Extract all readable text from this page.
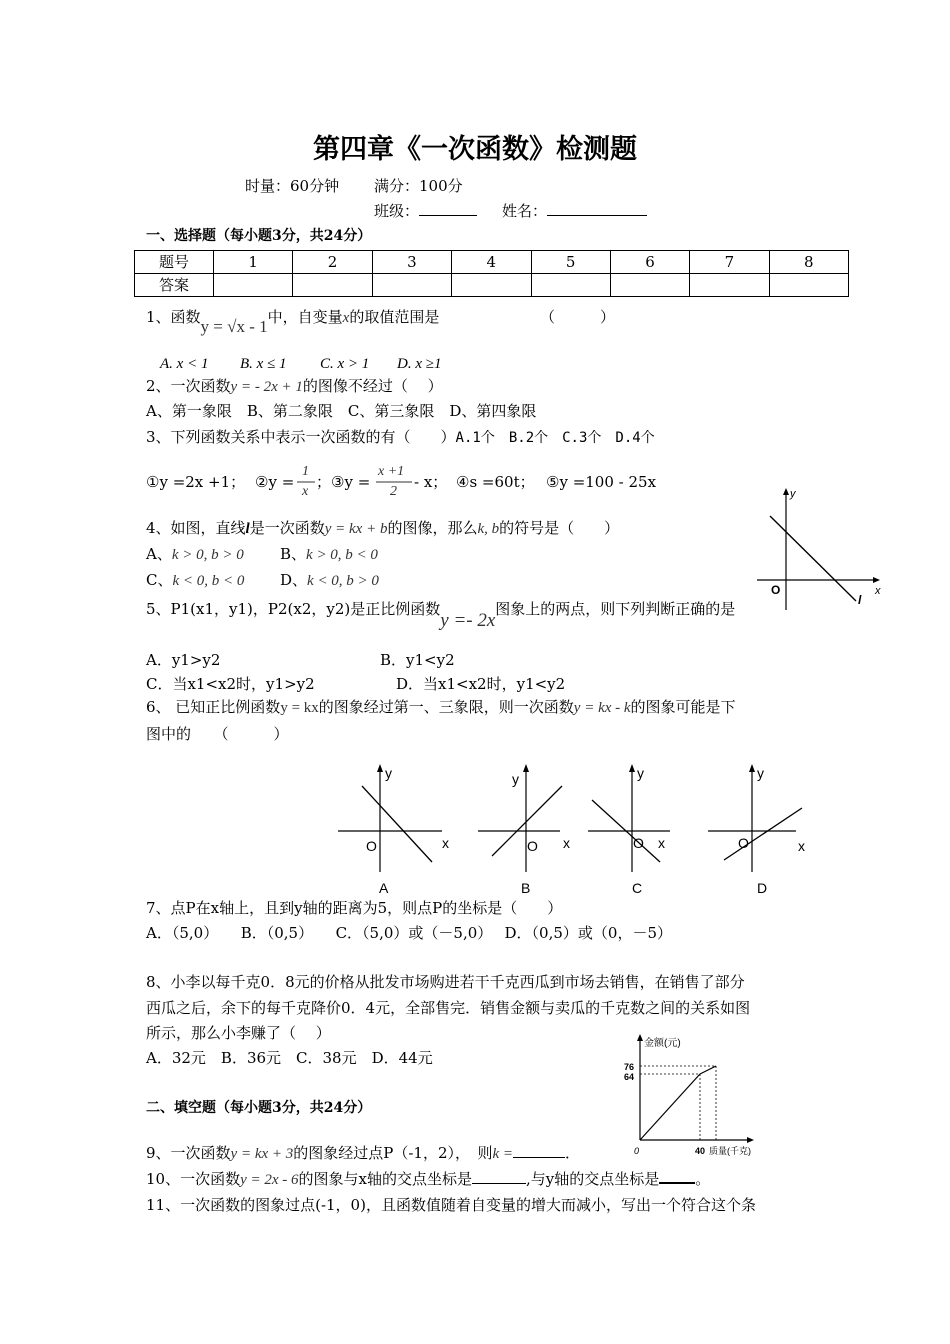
第四章《一次函数》检测题
时量：60分钟 满分：100分
班级：	姓名：
一、选择题（每小题3分，共24分）
题号	1	2	3	4	5	6	7	8
答案								
1、函数y = √x - 1中，自变量x的取值范围是	（　　　）
A. x < 1 B. x ≤ 1 C. x > 1 D. x ≥1
2、一次函数y = - 2x + 1的图像不经过（　 ）
A、第一象限　B、第二象限　C、第三象限　D、第四象限
3、下列函数关系中表示一次函数的有（　　）A.1个　B.2个　C.3个　D.4个
①y =2x +1； ②y =
1
x
； ③y =
x +1
2
- x； ④s =60t； ⑤y =100 - 25x
4、如图，直线l是一次函数y = kx + b的图像，那么k, b的符号是（　　）
A、k > 0, b > 0 B、k > 0, b < 0
C、k < 0, b < 0 D、k < 0, b > 0
y
x
O
l
5、P1(x1，y1)，P2(x2，y2)是正比例函数y =- 2x图象上的两点，则下列判断正确的是
A．y1>y2	B．y1<y2
C．当x1<x2时，y1>y2	D．当x1<x2时，y1<y2
6、 已知正比例函数y = kx的图象经过第一、三象限，则一次函数y = kx - k的图象可能是下
图中的　　（　　　）
y
x
O
A
y
x
O
B
y
x
O
C
y
x
O
D
7、点P在x轴上，且到y轴的距离为5，则点P的坐标是（　　）
A．（5,0）　　B．（0,5）　　C．（5,0）或（－5,0）　 D．（0,5）或（0，－5）
8、小李以每千克0．8元的价格从批发市场购进若干千克西瓜到市场去销售，在销售了部分
西瓜之后，余下的每千克降价0．4元，全部售完．销售金额与卖瓜的千克数之间的关系如图
所示，那么小李赚了（　 ）
A．32元　B．36元　C．38元　D．44元
金额(元)
76
64
0	40 质量(千克)
二、填空题（每小题3分，共24分）
9、一次函数y = kx + 3的图象经过点P（-1，2），　则k =	．
10、一次函数y = 2x - 6的图象与x轴的交点坐标是	,与y轴的交点坐标是 。
11、一次函数的图象过点(-1，0)，且函数值随着自变量的增大而减小，写出一个符合这个条
